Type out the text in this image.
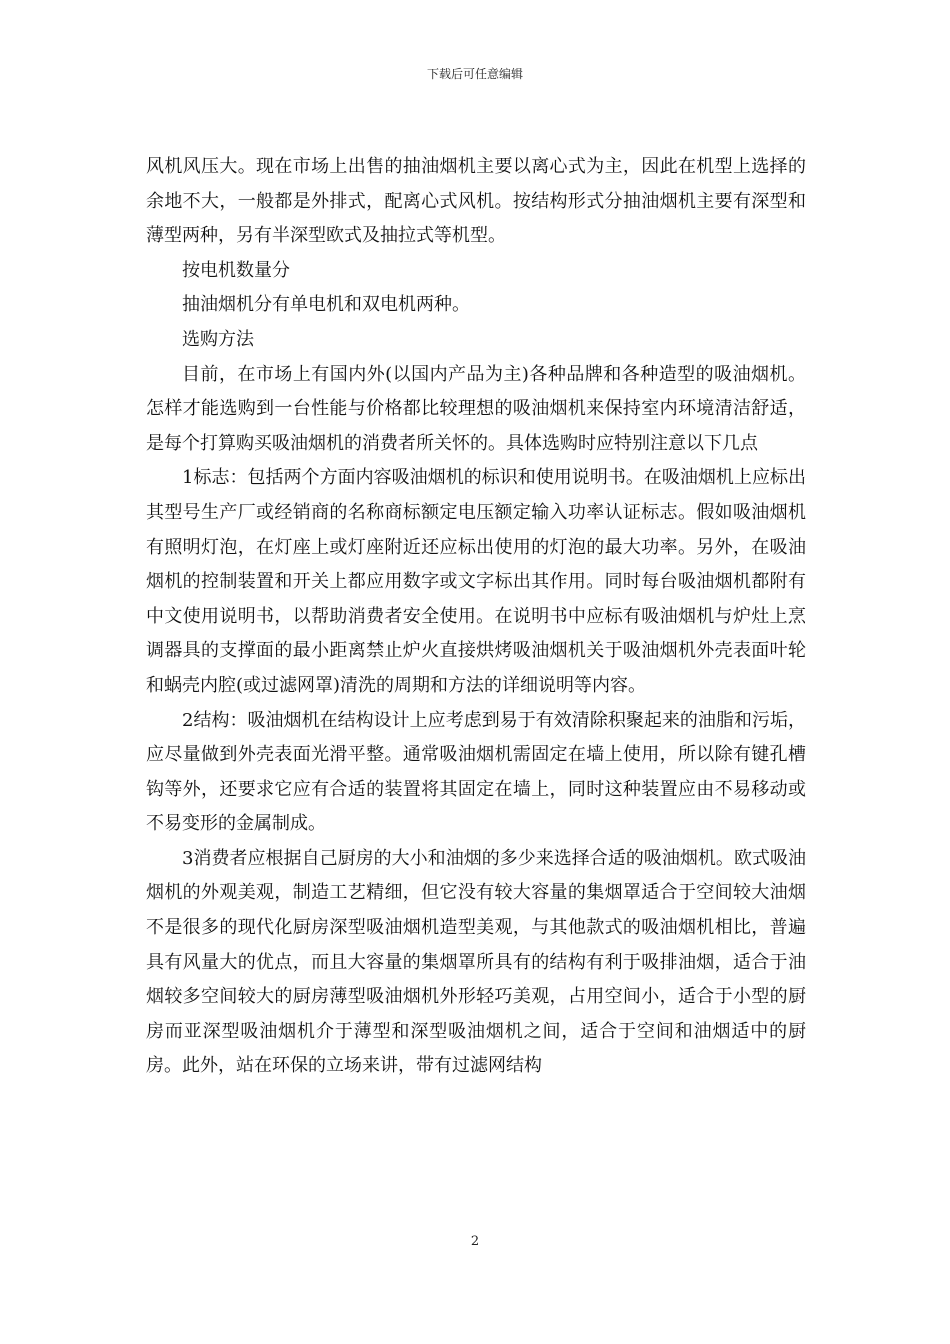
下载后可任意编辑

风机风压大。现在市场上出售的抽油烟机主要以离心式为主，因此在机型上选择的余地不大，一般都是外排式，配离心式风机。按结构形式分抽油烟机主要有深型和薄型两种，另有半深型欧式及抽拉式等机型。

按电机数量分

抽油烟机分有单电机和双电机两种。

选购方法

目前，在市场上有国内外(以国内产品为主)各种品牌和各种造型的吸油烟机。怎样才能选购到一台性能与价格都比较理想的吸油烟机来保持室内环境清洁舒适，是每个打算购买吸油烟机的消费者所关怀的。具体选购时应特别注意以下几点

1标志：包括两个方面内容吸油烟机的标识和使用说明书。在吸油烟机上应标出其型号生产厂或经销商的名称商标额定电压额定输入功率认证标志。假如吸油烟机有照明灯泡，在灯座上或灯座附近还应标出使用的灯泡的最大功率。另外，在吸油烟机的控制装置和开关上都应用数字或文字标出其作用。同时每台吸油烟机都附有中文使用说明书，以帮助消费者安全使用。在说明书中应标有吸油烟机与炉灶上烹调器具的支撑面的最小距离禁止炉火直接烘烤吸油烟机关于吸油烟机外壳表面叶轮和蜗壳内腔(或过滤网罩)清洗的周期和方法的详细说明等内容。

2结构：吸油烟机在结构设计上应考虑到易于有效清除积聚起来的油脂和污垢，应尽量做到外壳表面光滑平整。通常吸油烟机需固定在墙上使用，所以除有键孔槽钩等外，还要求它应有合适的装置将其固定在墙上，同时这种装置应由不易移动或不易变形的金属制成。

3消费者应根据自己厨房的大小和油烟的多少来选择合适的吸油烟机。欧式吸油烟机的外观美观，制造工艺精细，但它没有较大容量的集烟罩适合于空间较大油烟不是很多的现代化厨房深型吸油烟机造型美观，与其他款式的吸油烟机相比，普遍具有风量大的优点，而且大容量的集烟罩所具有的结构有利于吸排油烟，适合于油烟较多空间较大的厨房薄型吸油烟机外形轻巧美观，占用空间小，适合于小型的厨房而亚深型吸油烟机介于薄型和深型吸油烟机之间，适合于空间和油烟适中的厨房。此外，站在环保的立场来讲，带有过滤网结构

2
